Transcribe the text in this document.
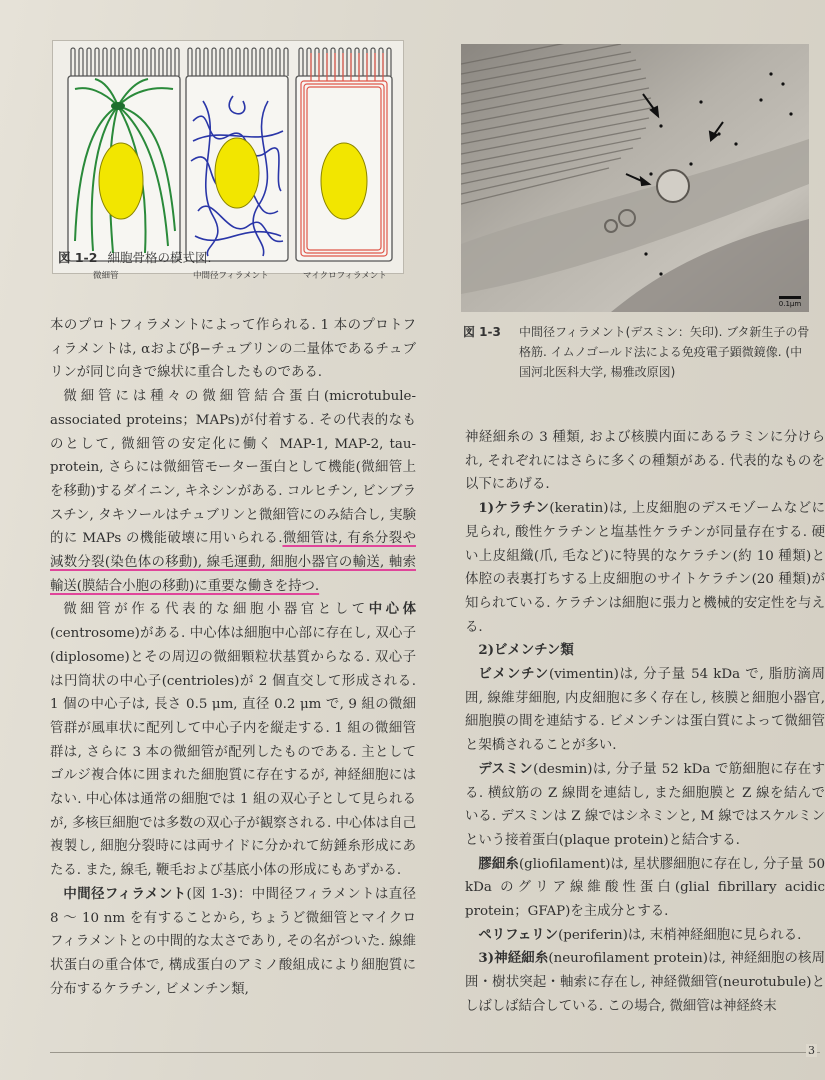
微細管	中間径フィラメント	マイクロフィラメント
図 1-2 細胞骨格の模式図.
0.1μm
図 1-3 中間径フィラメント(デスミン：矢印). ブタ新生子の骨格筋. イムノゴールド法による免疫電子顕微鏡像. (中国河北医科大学, 楊雅改原図)

本のプロトフィラメントによって作られる. 1 本のプロトフィラメントは, αおよびβ−チュブリンの二量体であるチュブリンが同じ向きで線状に重合したものである.

微細管には種々の微細管結合蛋白(microtubule-associated proteins；MAPs)が付着する. その代表的なものとして, 微細管の安定化に働く MAP-1, MAP-2, tau-protein, さらには微細管モーター蛋白として機能(微細管上を移動)するダイニン, キネシンがある. コルヒチン, ビンブラスチン, タキソールはチュブリンと微細管にのみ結合し, 実験的に MAPs の機能破壊に用いられる.微細管は, 有糸分裂や減数分裂(染色体の移動), 線毛運動, 細胞小器官の輸送, 軸索輸送(膜結合小胞の移動)に重要な働きを持つ.

微細管が作る代表的な細胞小器官として中心体(centrosome)がある. 中心体は細胞中心部に存在し, 双心子(diplosome)とその周辺の微細顆粒状基質からなる. 双心子は円筒状の中心子(centrioles)が 2 個直交して形成される. 1 個の中心子は, 長さ 0.5 μm, 直径 0.2 μm で, 9 組の微細管群が風車状に配列して中心子内を縦走する. 1 組の微細管群は, さらに 3 本の微細管が配列したものである. 主としてゴルジ複合体に囲まれた細胞質に存在するが, 神経細胞にはない. 中心体は通常の細胞では 1 組の双心子として見られるが, 多核巨細胞では多数の双心子が観察される. 中心体は自己複製し, 細胞分裂時には両サイドに分かれて紡錘糸形成にあたる. また, 線毛, 鞭毛および基底小体の形成にもあずかる.

中間径フィラメント(図 1-3)：中間径フィラメントは直径 8 〜 10 nm を有することから, ちょうど微細管とマイクロフィラメントとの中間的な太さであり, その名がついた. 線維状蛋白の重合体で, 構成蛋白のアミノ酸組成により細胞質に分布するケラチン, ビメンチン類,

神経細糸の 3 種類, および核膜内面にあるラミンに分けられ, それぞれにはさらに多くの種類がある. 代表的なものを以下にあげる.

1)ケラチン(keratin)は, 上皮細胞のデスモゾームなどに見られ, 酸性ケラチンと塩基性ケラチンが同量存在する. 硬い上皮組織(爪, 毛など)に特異的なケラチン(約 10 種類)と体腔の表裏打ちする上皮細胞のサイトケラチン(20 種類)が知られている. ケラチンは細胞に張力と機械的安定性を与える.

2)ビメンチン類

ビメンチン(vimentin)は, 分子量 54 kDa で, 脂肪滴周囲, 線維芽細胞, 内皮細胞に多く存在し, 核膜と細胞小器官, 細胞膜の間を連結する. ビメンチンは蛋白質によって微細管と架橋されることが多い.

デスミン(desmin)は, 分子量 52 kDa で筋細胞に存在する. 横紋筋の Z 線間を連結し, また細胞膜と Z 線を結んでいる. デスミンは Z 線ではシネミンと, M 線ではスケルミンという接着蛋白(plaque protein)と結合する.

膠細糸(gliofilament)は, 星状膠細胞に存在し, 分子量 50 kDa のグリア線維酸性蛋白(glial fibrillary acidic protein；GFAP)を主成分とする.

ペリフェリン(periferin)は, 末梢神経細胞に見られる.

3)神経細糸(neurofilament protein)は, 神経細胞の核周囲・樹状突起・軸索に存在し, 神経微細管(neurotubule)としばしば結合している. この場合, 微細管は神経終末

3
